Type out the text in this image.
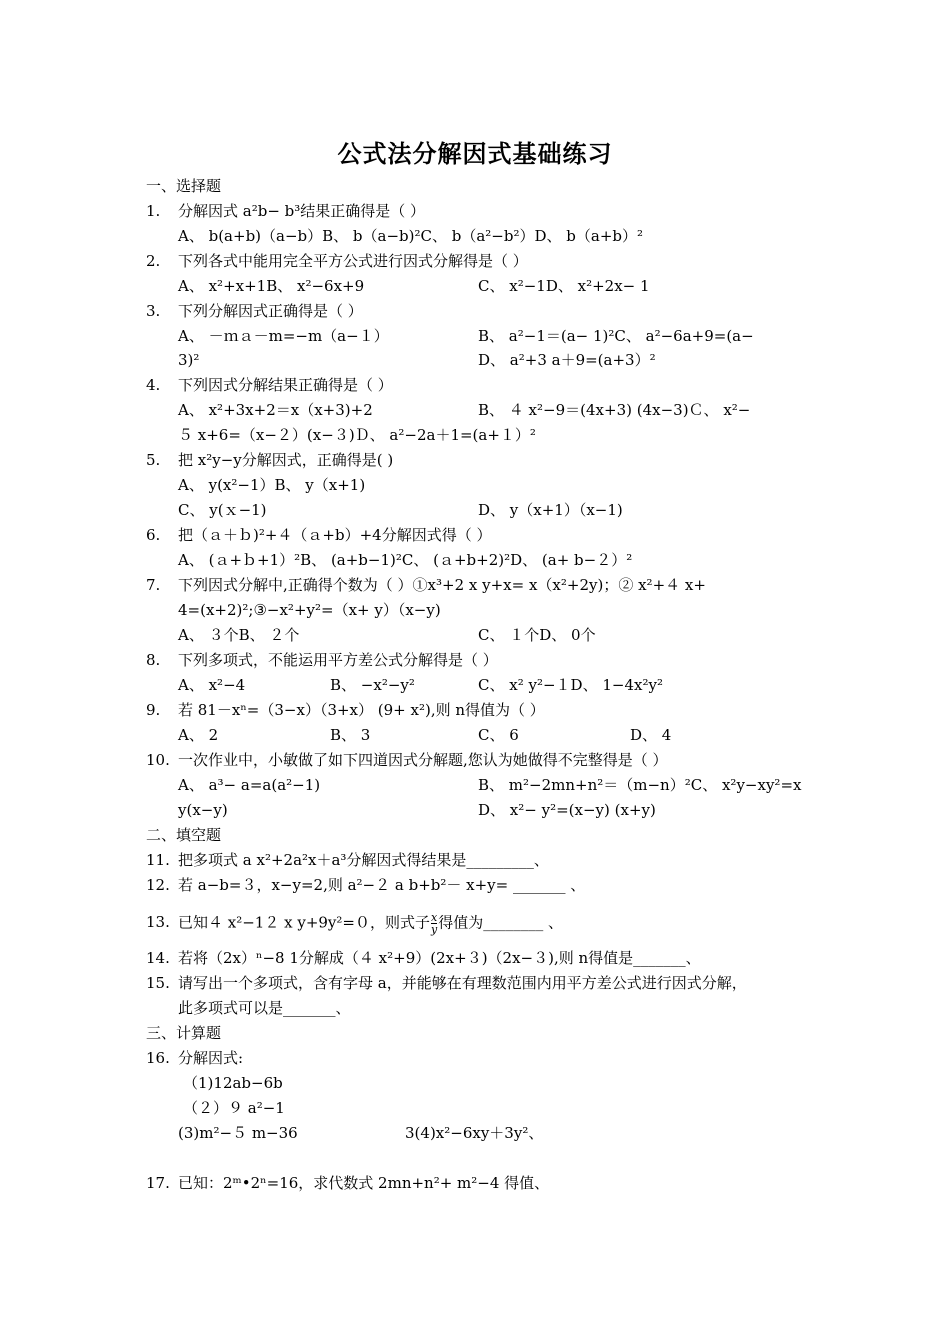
公式法分解因式基础练习
一、选择题
1. 分解因式 a²b− b³结果正确得是（ ）
A、 b(a+b)（a−b）B、 b（a−b)²C、 b（a²−b²）D、 b（a+b）²
2. 下列各式中能用完全平方公式进行因式分解得是（ ）
A、 x²+x+1B、 x²−6x+9	C、 x²−1D、 x²+2x− 1
3. 下列分解因式正确得是（ ）
A、 －ｍａ－m=−m（a−１）	B、 a²−1＝(a− 1)²C、 a²−6a+9=(a−
3)²	D、 a²+3 a＋9=(a+3）²
4. 下列因式分解结果正确得是（ ）
A、 x²+3x+2＝x（x+3)+2	B、 ４ x²−9＝(4x+3) (4x−3)Ｃ、 x²−
５ x+6=（x−２）(x−３)Ｄ、 a²−2a＋1=(a+１）²
5. 把 x²y−y分解因式，正确得是( )
A、 y(x²−1）B、 y（x+1)
C、 y(ｘ−1)	D、 y（x+1）（x−1)
6. 把（ａ＋ｂ)²+４（ａ+b）+4分解因式得（ ）
A、 (ａ+ｂ+1）²B、 (a+b−1)²C、 (ａ+b+2)²D、 (a+ b−２）²
7. 下列因式分解中,正确得个数为（ ）①x³+2 x y+x= x（x²+2y)；② x²+４ x+
4=(x+2)²;③−x²+y²=（x+ y）（x−y)
A、 ３个B、 ２个	C、 １个D、 0个
8. 下列多项式，不能运用平方差公式分解得是（ ）
A、 x²−4	B、 −x²−y²	C、 x² y²−１D、 1−4x²y²
9. 若 81－xⁿ=（3−x）（3+x） (9+ x²),则 n得值为（ ）
A、 2	B、 3	C、 6	D、 4
10. 一次作业中，小敏做了如下四道因式分解题,您认为她做得不完整得是（ ）
A、 a³− a=a(a²−1)	B、 m²−2mn+n²＝（m−n）²C、 x²y−xy²=x
y(x−y)	D、 x²− y²=(x−y) (x+y)
二、填空题
11. 把多项式 a x²+2a²x＋a³分解因式得结果是_________、
12. 若 a−b=３，x−y=2,则 a²−２ a b+b²－ x+y= _______ 、
13. 已知４ x²−1２ x y+9y²=０，则式子 $\frac{x}{y}$ 得值为________ 、
14. 若将（2x）ⁿ−8 1分解成（４ x²+9）(2x+３)（2x−３),则 n得值是_______、
15. 请写出一个多项式，含有字母 a，并能够在有理数范围内用平方差公式进行因式分解，
此多项式可以是_______、
三、计算题
16. 分解因式:
（1)12ab−6b
（２）９ a²−1
(3)m²−５ m−36	3(4)x²−6xy＋3y²、
17. 已知：2ᵐ•2ⁿ=16，求代数式 2mn+n²+ m²−4 得值、
